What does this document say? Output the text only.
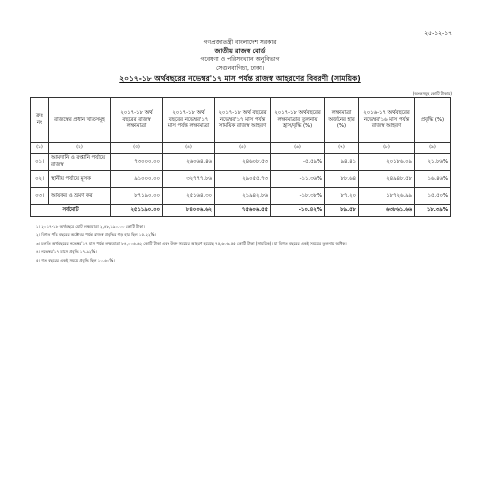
২৫-১২-১৭
গণপ্রজাতন্ত্রী বাংলাদেশ সরকার
জাতীয় রাজস্ব বোর্ড
গবেষণা ও পরিসংখ্যান অনুবিভাগ
সেগুনবাগিচা, ঢাকা।
২০১৭-১৮ অর্থবছরের নভেম্বর'১৭ মাস পর্যন্ত রাজস্ব আহরণের বিবরণী (সাময়িক)
(অংকসমূহ কোটি টাকায়)
ক্রঃ নং	রাজস্বের প্রধান খাতসমূহ	২০১৭-১৮ অর্থ বছরের রাজস্ব লক্ষ্যমাত্রা	২০১৭-১৮ অর্থ বছরের নভেম্বর'১৭ মাস পর্যন্ত লক্ষ্যমাত্রা	২০১৭-১৮ অর্থ বছরের নভেম্বর'১৭ মাস পর্যন্ত সাময়িক রাজস্ব আহরণ	২০১৭-১৮ অর্থবছরের লক্ষ্যমাত্রার তুলনায় হ্রাস/বৃদ্ধি (%)	লক্ষ্যমাত্রা অর্জনের হার (%)	২০১৬-১৭ অর্থবছরের নভেম্বর'১৬ মাস পর্যন্ত রাজস্ব আহরণ	প্রবৃদ্ধি (%)
(১)	(২)	(৩)	(৪)	(৫)	(৬)	(৭)	(৮)	(৯)
০১।	আমদানি ও রপ্তানি পর্যায়ে রাজস্ব	৭৩০০০.০০	২৬০৬৪.৪৬	২৪৬০৮.৫৩	-৫.৫৯%	৯৪.৪১	২০১৮৬.০৯	২১.৮৬%
০২।	স্থানীয় পর্যায়ে মূসক	৯১০০০.০০	৩২৭৭৭.৮৬	২৯০৫৫.৭৩	-১১.৩৬%	৮৮.৬৪	২৪৯৪৮.৫৮	১৬.৪৬%
০৩।	আয়কর ও ভ্রমণ কর	৮৭১৯০.০০	২৫১৬৪.৩০	২১৯৪২.৮৬	-১৮.৩৮%	৮৭.২০	১৮৭২৬.৯৯	১৫.৫০%
সর্বমোট		২৫১১৯০.০০	৮৪০০৬.৬২	৭৫৬০৬.৫৫	-১০.৪২%	৮৯.৫৮	৬৩৮৬১.৬৬	১৮.৩৯%
১। ২০১৭-১৮ অর্থবছরে মোট লক্ষ্যমাত্রা ২,৪৮,১৯০.০০ কোটি টাকা।
২। বিগত পাঁচ বছরের অক্টোবর পর্যন্ত রাজস্ব প্রবৃদ্ধির গড় হার ছিল ১৫.২২%।
৩। চলতি অর্থবছরের নভেম্বর'১৭ মাস পর্যন্ত লক্ষ্যমাত্রা ৮৪,০০৬.৬২ কোটি টাকা এবং উক্ত সময়ের আহরণ হয়েছে ৭৫,৬০৬.৫৫ কোটি টাকা (সাময়িক)। যা বিগত বছরের একই সময়ের তুলনায় অধিক।
৪। নভেম্বর'১৭ মাসে প্রবৃদ্ধি ১৭.৯২%।
৫। গত বছরের একই সময়ে প্রবৃদ্ধি ছিল ১০.৬০%।
